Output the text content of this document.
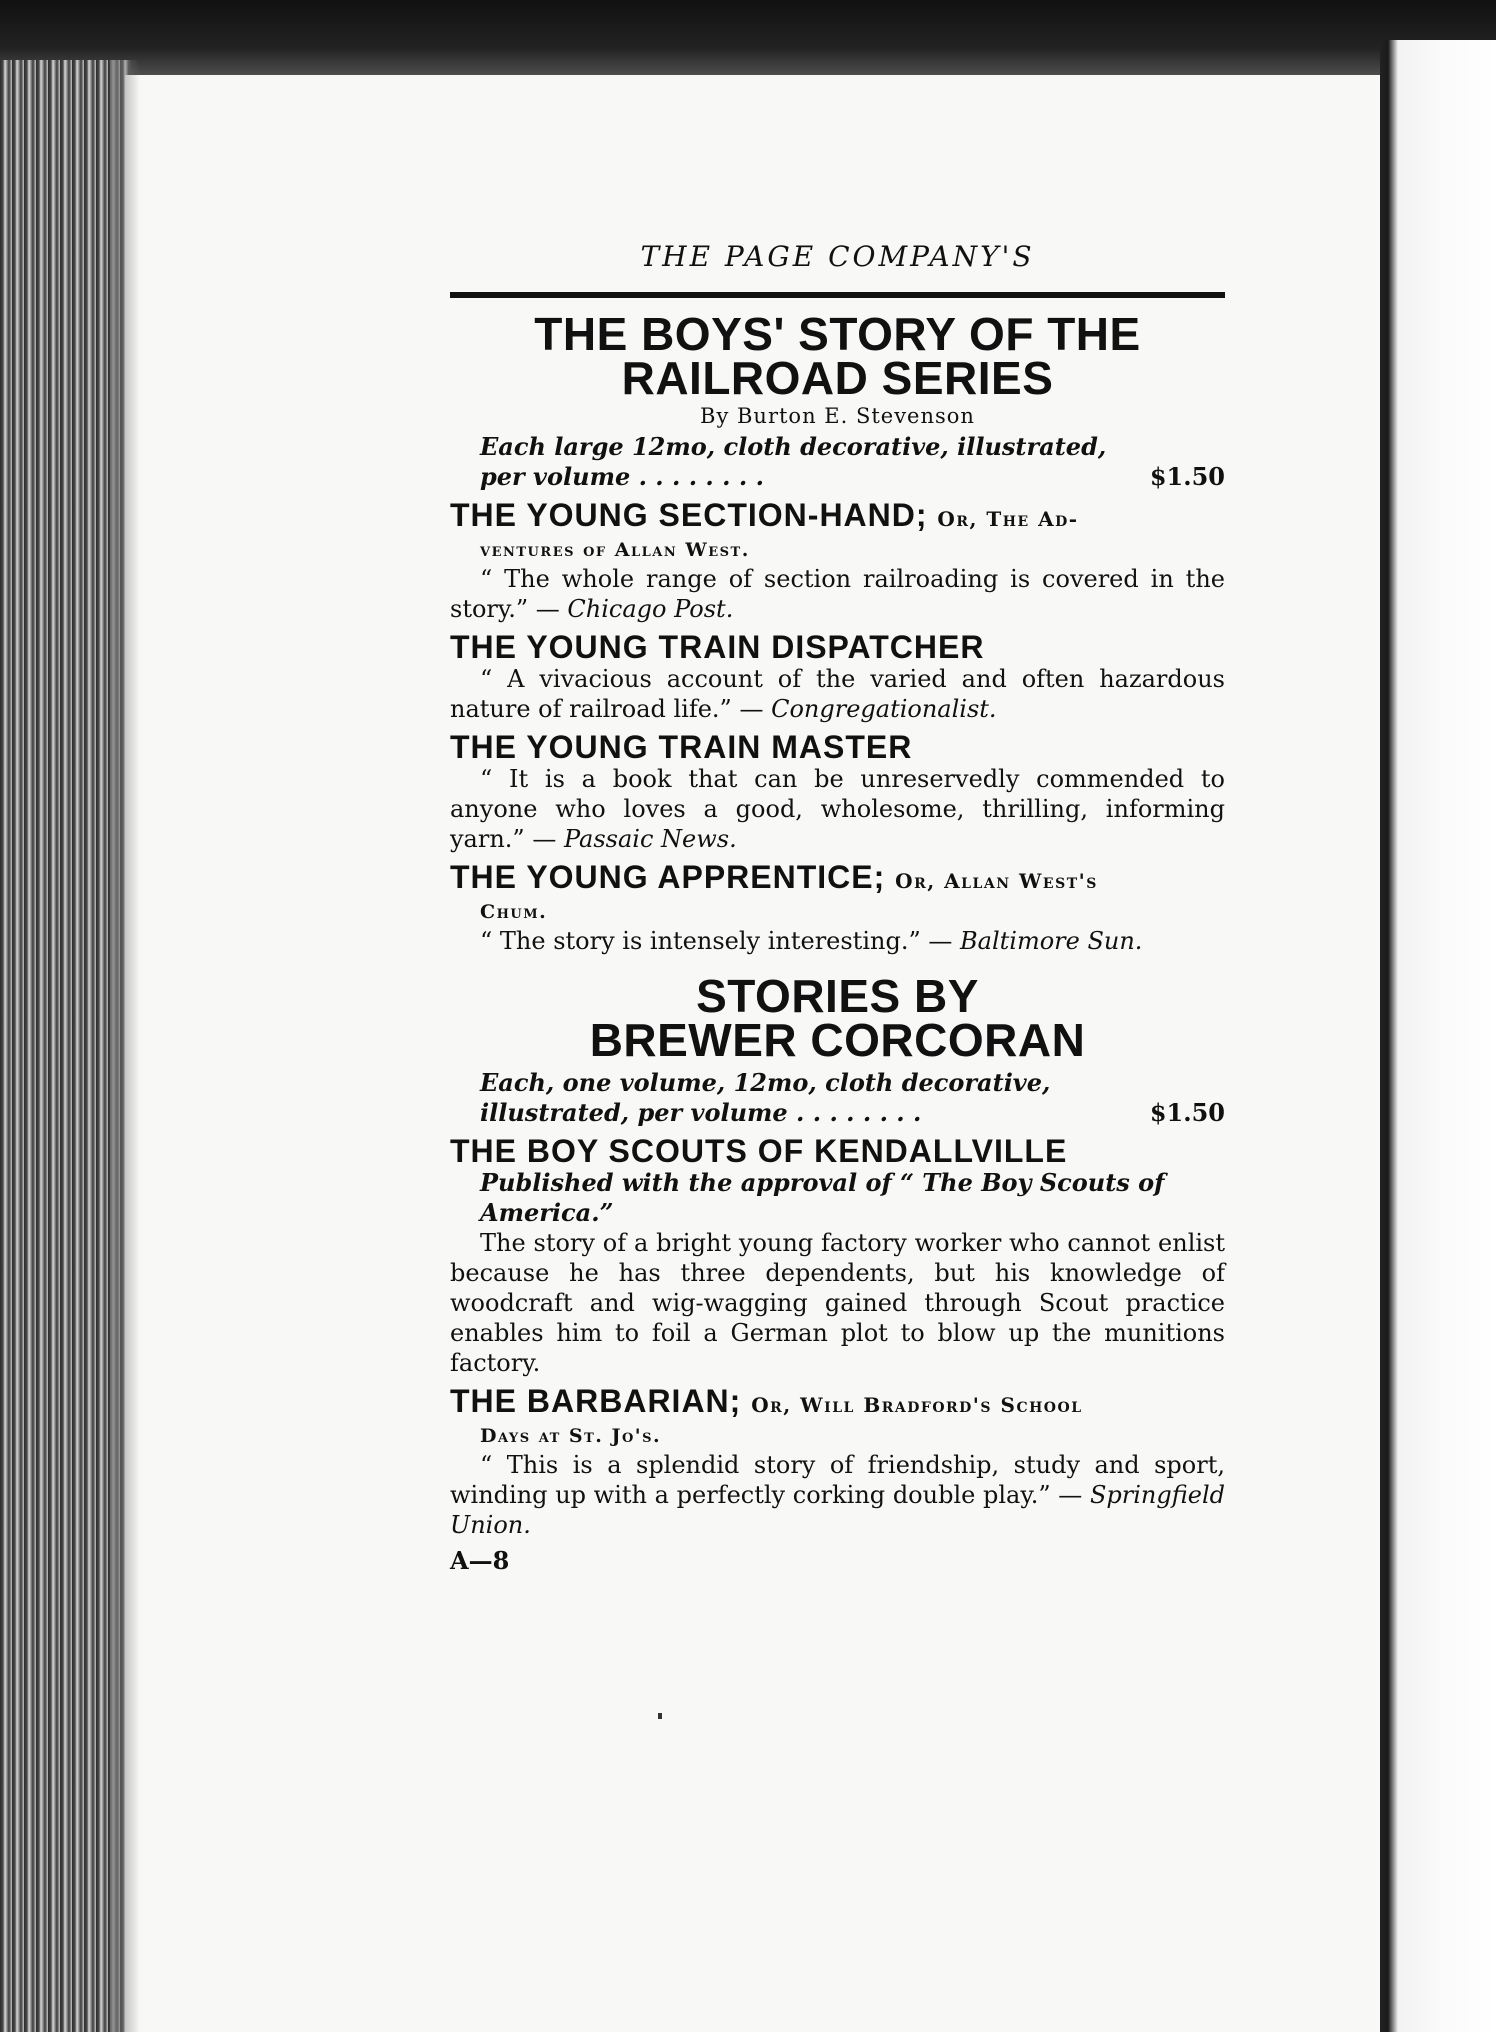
THE PAGE COMPANY'S
THE BOYS' STORY OF THE
RAILROAD SERIES
By Burton E. Stevenson
Each large 12mo, cloth decorative, illustrated, per volume . . . . . . . .	$1.50
THE YOUNG SECTION-HAND; Or, The Ad-
ventures of Allan West.
“ The whole range of section railroading is covered in the story.” — Chicago Post.
THE YOUNG TRAIN DISPATCHER
“ A vivacious account of the varied and often hazardous nature of railroad life.” — Congregationalist.
THE YOUNG TRAIN MASTER
“ It is a book that can be unreservedly commended to anyone who loves a good, wholesome, thrilling, informing yarn.” — Passaic News.
THE YOUNG APPRENTICE; Or, Allan West's
Chum.
“ The story is intensely interesting.” — Baltimore Sun.
STORIES BY
BREWER CORCORAN
Each, one volume, 12mo, cloth decorative, illustrated, per volume . . . . . . . .	$1.50
THE BOY SCOUTS OF KENDALLVILLE
Published with the approval of “ The Boy Scouts of America.”
The story of a bright young factory worker who cannot enlist because he has three dependents, but his knowledge of woodcraft and wig-wagging gained through Scout practice enables him to foil a German plot to blow up the munitions factory.
THE BARBARIAN; Or, Will Bradford's School
Days at St. Jo's.
“ This is a splendid story of friendship, study and sport, winding up with a perfectly corking double play.” — Springfield Union.
A—8
